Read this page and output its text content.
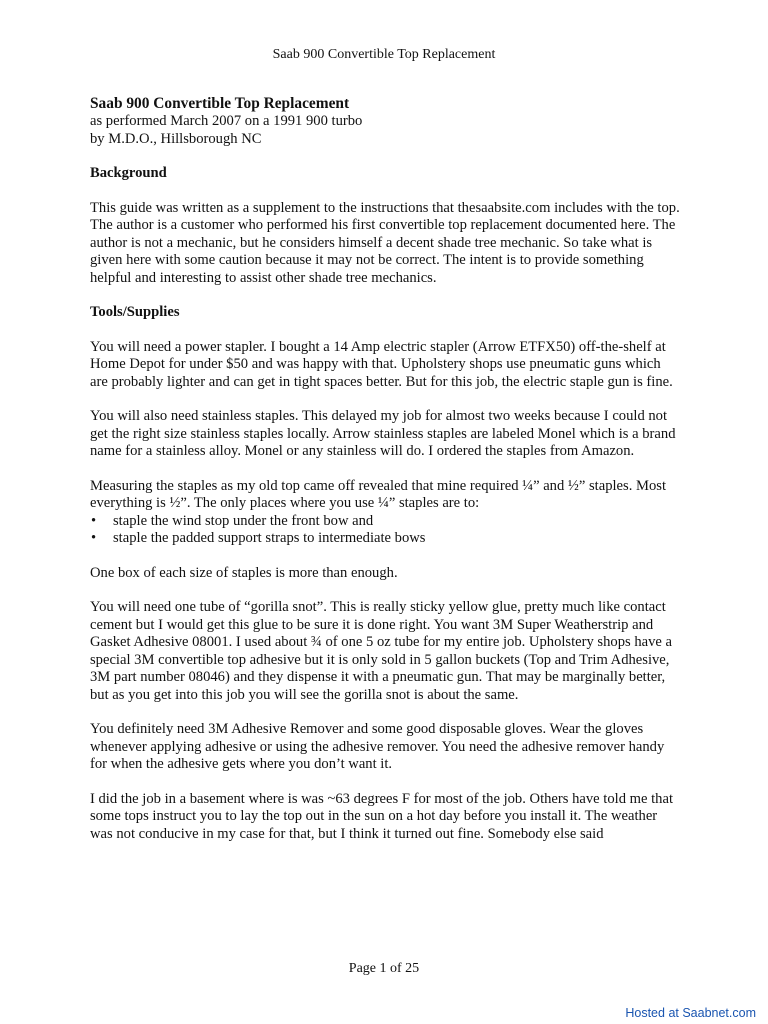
Saab 900 Convertible Top Replacement

Saab 900 Convertible Top Replacement

as performed March 2007 on a 1991 900 turbo

by M.D.O., Hillsborough NC

Background

This guide was written as a supplement to the instructions that thesaabsite.com includes with the top. The author is a customer who performed his first convertible top replacement documented here. The author is not a mechanic, but he considers himself a decent shade tree mechanic. So take what is given here with some caution because it may not be correct. The intent is to provide something helpful and interesting to assist other shade tree mechanics.

Tools/Supplies

You will need a power stapler. I bought a 14 Amp electric stapler (Arrow ETFX50) off-the-shelf at Home Depot for under $50 and was happy with that. Upholstery shops use pneumatic guns which are probably lighter and can get in tight spaces better. But for this job, the electric staple gun is fine.

You will also need stainless staples. This delayed my job for almost two weeks because I could not get the right size stainless staples locally. Arrow stainless staples are labeled Monel which is a brand name for a stainless alloy. Monel or any stainless will do. I ordered the staples from Amazon.

Measuring the staples as my old top came off revealed that mine required ¼” and ½” staples. Most everything is ½”. The only places where you use ¼” staples are to:

• staple the wind stop under the front bow and
• staple the padded support straps to intermediate bows

One box of each size of staples is more than enough.

You will need one tube of “gorilla snot”. This is really sticky yellow glue, pretty much like contact cement but I would get this glue to be sure it is done right. You want 3M Super Weatherstrip and Gasket Adhesive 08001. I used about ¾ of one 5 oz tube for my entire job. Upholstery shops have a special 3M convertible top adhesive but it is only sold in 5 gallon buckets (Top and Trim Adhesive, 3M part number 08046) and they dispense it with a pneumatic gun. That may be marginally better, but as you get into this job you will see the gorilla snot is about the same.

You definitely need 3M Adhesive Remover and some good disposable gloves. Wear the gloves whenever applying adhesive or using the adhesive remover. You need the adhesive remover handy for when the adhesive gets where you don’t want it.

I did the job in a basement where is was ~63 degrees F for most of the job. Others have told me that some tops instruct you to lay the top out in the sun on a hot day before you install it. The weather was not conducive in my case for that, but I think it turned out fine. Somebody else said

Page 1 of 25
Hosted at Saabnet.com
